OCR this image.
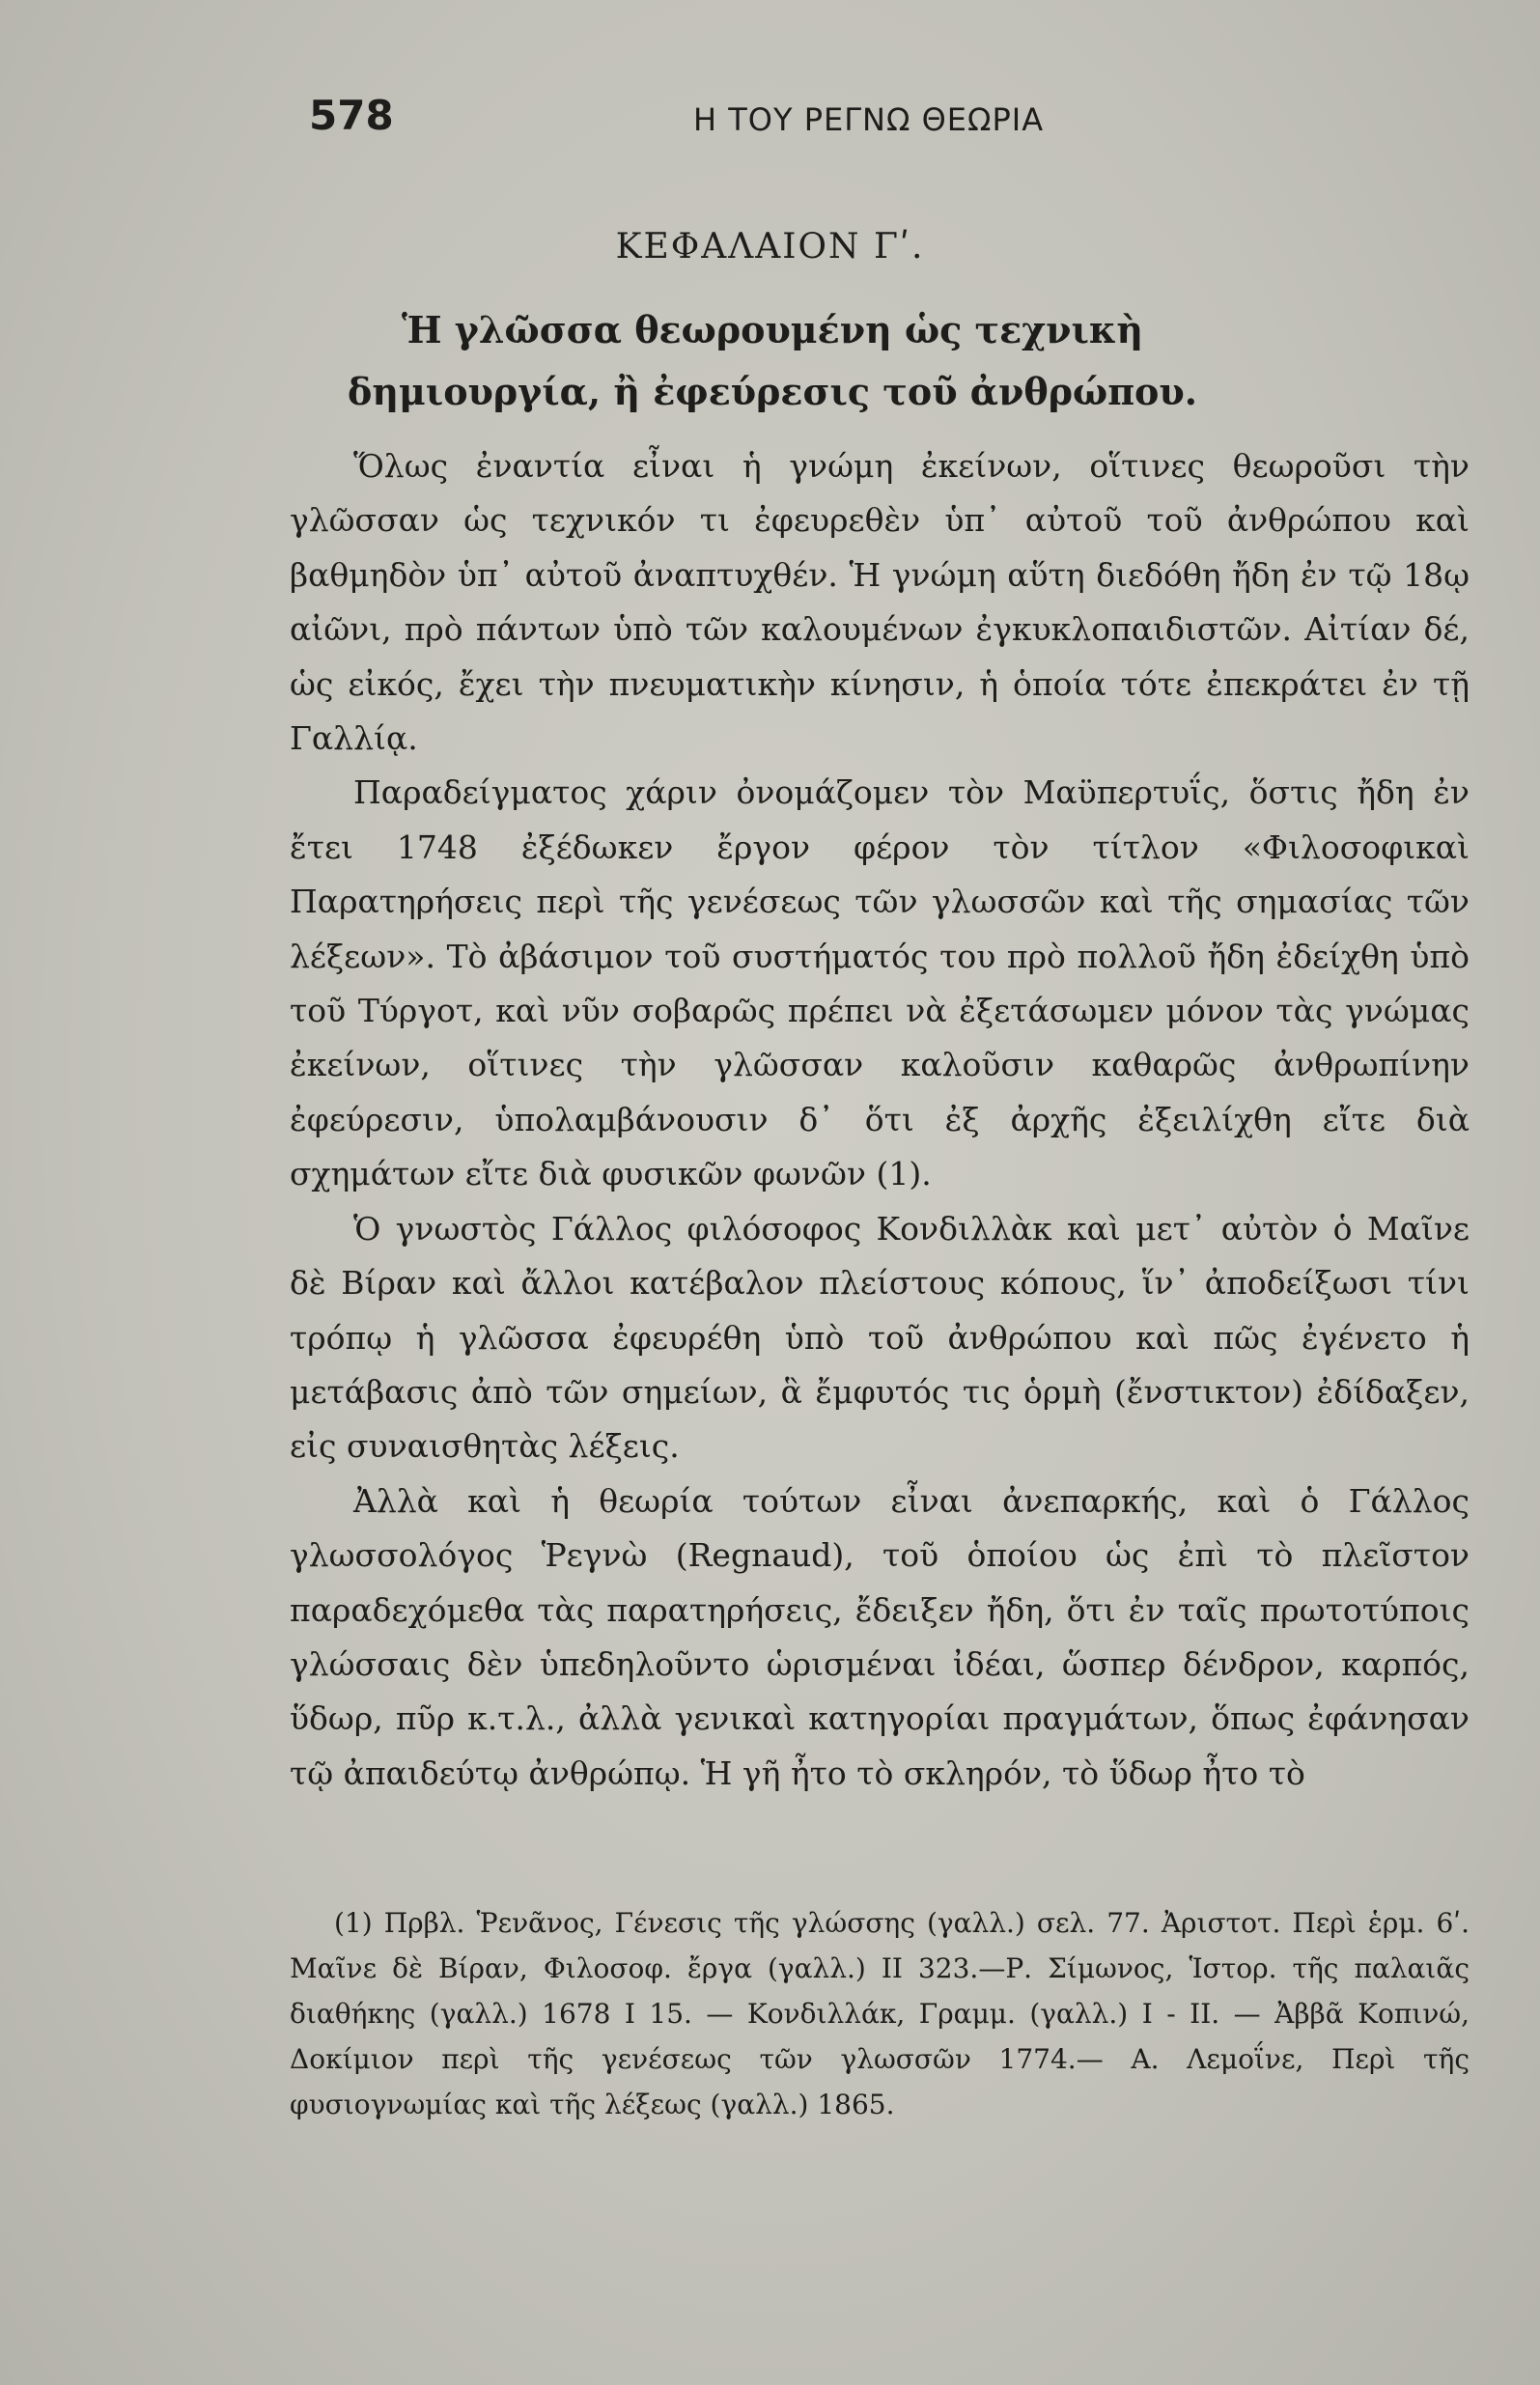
578	Η ΤΟΥ ΡΕΓΝΩ ΘΕΩΡΙΑ
ΚΕΦΑΛΑΙΟΝ Γʹ.
Ἡ γλῶσσα θεωρουμένη ὡς τεχνικὴ δημιουργία, ἢ ἐφεύρεσις τοῦ ἀνθρώπου.

Ὅλως ἐναντία εἶναι ἡ γνώμη ἐκείνων, οἵτινες θεωροῦσι τὴν γλῶσσαν ὡς τεχνικόν τι ἐφευρεθὲν ὑπ᾽ αὐτοῦ τοῦ ἀνθρώπου καὶ βαθμηδὸν ὑπ᾽ αὐτοῦ ἀναπτυχθέν. Ἡ γνώμη αὕτη διεδόθη ἤδη ἐν τῷ 18ῳ αἰῶνι, πρὸ πάντων ὑπὸ τῶν καλουμένων ἐγκυκλοπαιδιστῶν. Αἰτίαν δέ, ὡς εἰκός, ἔχει τὴν πνευματικὴν κίνησιν, ἡ ὁποία τότε ἐπεκράτει ἐν τῇ Γαλλίᾳ.

Παραδείγματος χάριν ὀνομάζομεν τὸν Μαϋπερτυΐς, ὅστις ἤδη ἐν ἔτει 1748 ἐξέδωκεν ἔργον φέρον τὸν τίτλον «Φιλοσοφικαὶ Παρατηρήσεις περὶ τῆς γενέσεως τῶν γλωσσῶν καὶ τῆς σημασίας τῶν λέξεων». Τὸ ἀβάσιμον τοῦ συστήματός του πρὸ πολλοῦ ἤδη ἐδείχθη ὑπὸ τοῦ Τύργοτ, καὶ νῦν σοβαρῶς πρέπει νὰ ἐξετάσωμεν μόνον τὰς γνώμας ἐκείνων, οἵτινες τὴν γλῶσσαν καλοῦσιν καθαρῶς ἀνθρωπίνην ἐφεύρεσιν, ὑπολαμβάνουσιν δ᾽ ὅτι ἐξ ἀρχῆς ἐξειλίχθη εἴτε διὰ σχημάτων εἴτε διὰ φυσικῶν φωνῶν (1).

Ὁ γνωστὸς Γάλλος φιλόσοφος Κονδιλλὰκ καὶ μετ᾽ αὐτὸν ὁ Μαῖνε δὲ Βίραν καὶ ἄλλοι κατέβαλον πλείστους κόπους, ἵν᾽ ἀποδείξωσι τίνι τρόπῳ ἡ γλῶσσα ἐφευρέθη ὑπὸ τοῦ ἀνθρώπου καὶ πῶς ἐγένετο ἡ μετάβασις ἀπὸ τῶν σημείων, ἃ ἔμφυτός τις ὁρμὴ (ἔνστικτον) ἐδίδαξεν, εἰς συναισθητὰς λέξεις.

Ἀλλὰ καὶ ἡ θεωρία τούτων εἶναι ἀνεπαρκής, καὶ ὁ Γάλλος γλωσσολόγος Ῥεγνὼ (Regnaud), τοῦ ὁποίου ὡς ἐπὶ τὸ πλεῖστον παραδεχόμεθα τὰς παρατηρήσεις, ἔδειξεν ἤδη, ὅτι ἐν ταῖς πρωτοτύποις γλώσσαις δὲν ὑπεδηλοῦντο ὡρισμέναι ἰδέαι, ὥσπερ δένδρον, καρπός, ὕδωρ, πῦρ κ.τ.λ., ἀλλὰ γενικαὶ κατηγορίαι πραγμάτων, ὅπως ἐφάνησαν τῷ ἀπαιδεύτῳ ἀνθρώπῳ. Ἡ γῆ ἦτο τὸ σκληρόν, τὸ ὕδωρ ἦτο τὸ

(1) Πρβλ. Ῥενᾶνος, Γένεσις τῆς γλώσσης (γαλλ.) σελ. 77. Ἀριστοτ. Περὶ ἑρμ. 6ʹ. Μαῖνε δὲ Βίραν, Φιλοσοφ. ἔργα (γαλλ.) ΙΙ 323.—Ρ. Σίμωνος, Ἱστορ. τῆς παλαιᾶς διαθήκης (γαλλ.) 1678 Ι 15. — Κονδιλλάκ, Γραμμ. (γαλλ.) Ι - ΙΙ. — Ἀββᾶ Κοπινώ, Δοκίμιον περὶ τῆς γενέσεως τῶν γλωσσῶν 1774.— Α. Λεμοΐνε, Περὶ τῆς φυσιογνωμίας καὶ τῆς λέξεως (γαλλ.) 1865.
